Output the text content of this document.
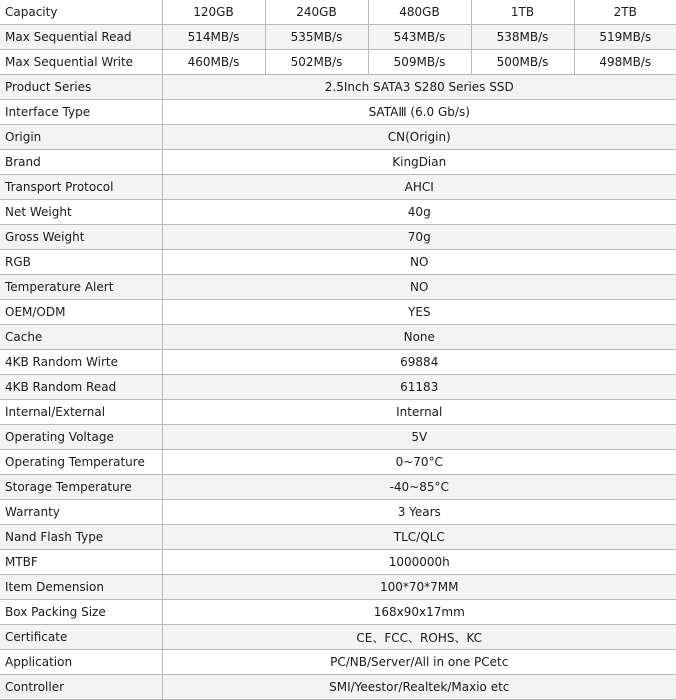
Capacity	120GB	240GB	480GB	1TB	2TB
Max Sequential Read	514MB/s	535MB/s	543MB/s	538MB/s	519MB/s
Max Sequential Write	460MB/s	502MB/s	509MB/s	500MB/s	498MB/s
Product Series	2.5Inch SATA3 S280 Series SSD				
Interface Type	SATAⅢ (6.0 Gb/s)				
Origin	CN(Origin)				
Brand	KingDian				
Transport Protocol	AHCI				
Net Weight	40g				
Gross Weight	70g				
RGB	NO				
Temperature Alert	NO				
OEM/ODM	YES				
Cache	None				
4KB Random Wirte	69884				
4KB Random Read	61183				
Internal/External	Internal				
Operating Voltage	5V				
Operating Temperature	0~70°C				
Storage Temperature	-40~85°C				
Warranty	3 Years				
Nand Flash Type	TLC/QLC				
MTBF	1000000h				
Item Demension	100*70*7MM				
Box Packing Size	168x90x17mm				
Certificate	CE、FCC、ROHS、KC				
Application	PC/NB/Server/All in one PCetc				
Controller	SMI/Yeestor/Realtek/Maxio etc				
